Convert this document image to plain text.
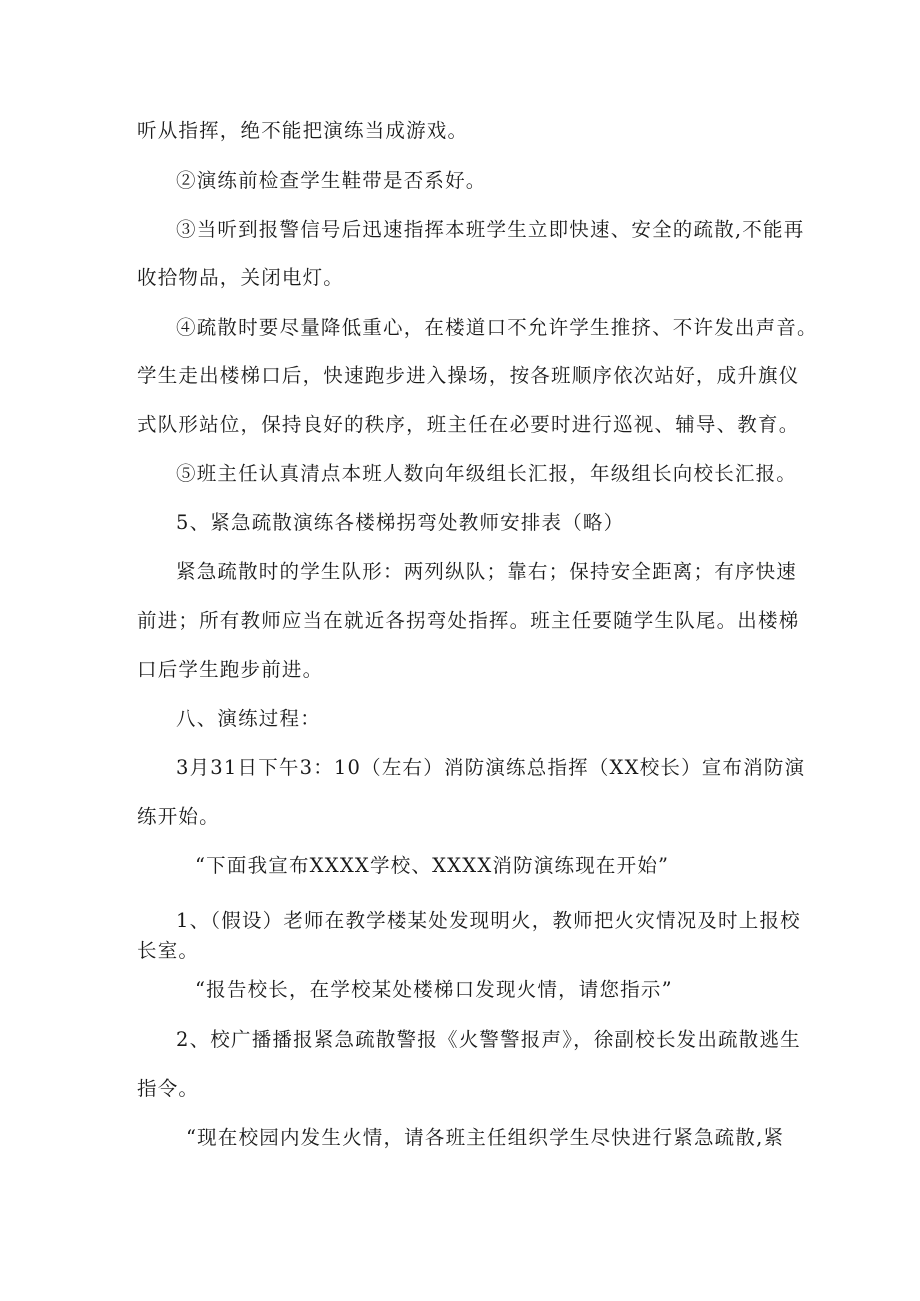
听从指挥，绝不能把演练当成游戏。
②演练前检查学生鞋带是否系好。
③当听到报警信号后迅速指挥本班学生立即快速、安全的疏散,不能再
收拾物品，关闭电灯。
④疏散时要尽量降低重心，在楼道口不允许学生推挤、不许发出声音。
学生走出楼梯口后，快速跑步进入操场，按各班顺序依次站好，成升旗仪
式队形站位，保持良好的秩序，班主任在必要时进行巡视、辅导、教育。
⑤班主任认真清点本班人数向年级组长汇报，年级组长向校长汇报。
5、紧急疏散演练各楼梯拐弯处教师安排表（略）
紧急疏散时的学生队形：两列纵队；靠右；保持安全距离；有序快速
前进；所有教师应当在就近各拐弯处指挥。班主任要随学生队尾。出楼梯
口后学生跑步前进。
八、演练过程：
3月31日下午3：10（左右）消防演练总指挥（XX校长）宣布消防演
练开始。
“下面我宣布XXXX学校、XXXX消防演练现在开始”
1、（假设）老师在教学楼某处发现明火，教师把火灾情况及时上报校
长室。
“报告校长，在学校某处楼梯口发现火情，请您指示”
2、校广播播报紧急疏散警报《火警警报声》，徐副校长发出疏散逃生
指令。
“现在校园内发生火情，请各班主任组织学生尽快进行紧急疏散,紧
